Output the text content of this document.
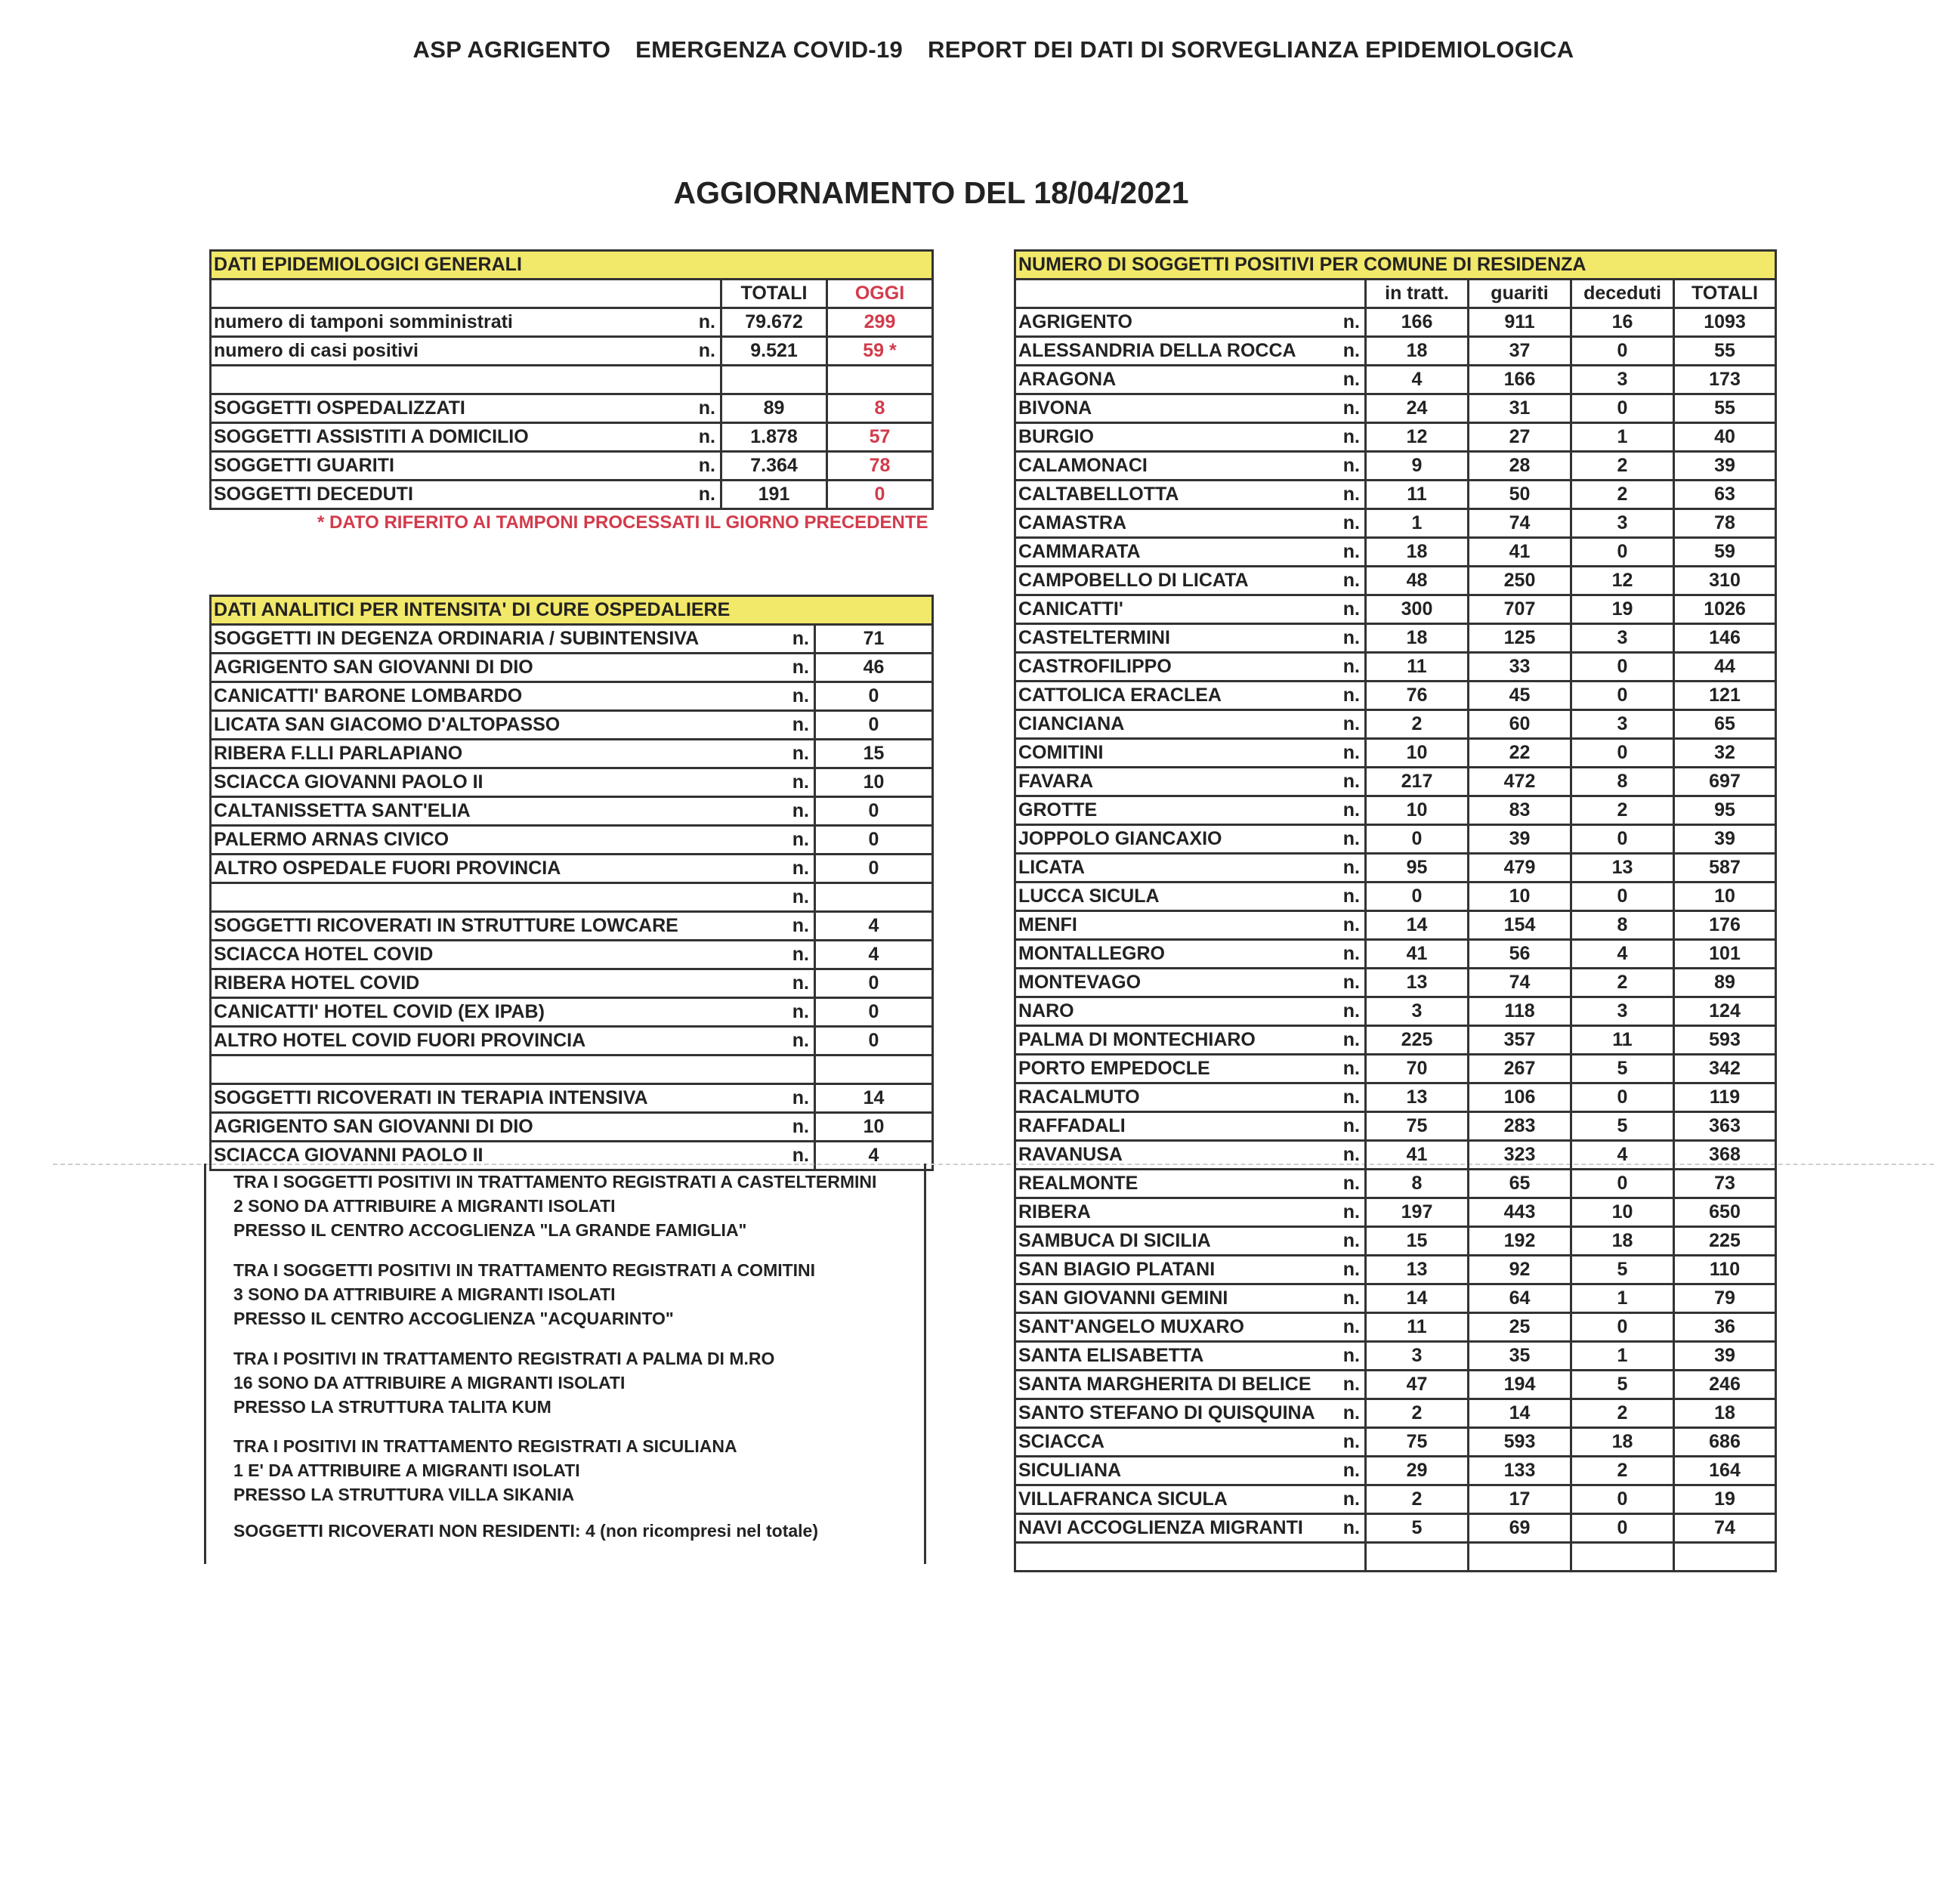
ASP AGRIGENTO EMERGENZA COVID-19 REPORT DEI DATI DI SORVEGLIANZA EPIDEMIOLOGICA
AGGIORNAMENTO DEL 18/04/2021
DATI EPIDEMIOLOGICI GENERALI			
		TOTALI	OGGI
numero di tamponi somministrati	n.	79.672	299
numero di casi positivi	n.	9.521	59 *

SOGGETTI OSPEDALIZZATI	n.	89	8
SOGGETTI ASSISTITI A DOMICILIO	n.	1.878	57
SOGGETTI GUARITI	n.	7.364	78
SOGGETTI DECEDUTI	n.	191	0
* DATO RIFERITO AI TAMPONI PROCESSATI IL GIORNO PRECEDENTE
DATI ANALITICI PER INTENSITA' DI CURE OSPEDALIERE		
SOGGETTI IN DEGENZA ORDINARIA / SUBINTENSIVA	n.	71
AGRIGENTO SAN GIOVANNI DI DIO	n.	46
CANICATTI' BARONE LOMBARDO	n.	0
LICATA SAN GIACOMO D'ALTOPASSO	n.	0
RIBERA F.LLI PARLAPIANO	n.	15
SCIACCA GIOVANNI PAOLO II	n.	10
CALTANISSETTA SANT'ELIA	n.	0
PALERMO ARNAS CIVICO	n.	0
ALTRO OSPEDALE FUORI PROVINCIA	n.	0
	n.	
SOGGETTI RICOVERATI IN STRUTTURE LOWCARE	n.	4
SCIACCA HOTEL COVID	n.	4
RIBERA HOTEL COVID	n.	0
CANICATTI' HOTEL COVID (EX IPAB)	n.	0
ALTRO HOTEL COVID FUORI PROVINCIA	n.	0

SOGGETTI RICOVERATI IN TERAPIA INTENSIVA	n.	14
AGRIGENTO SAN GIOVANNI DI DIO	n.	10
SCIACCA GIOVANNI PAOLO II	n.	4
TRA I SOGGETTI POSITIVI IN TRATTAMENTO REGISTRATI A CASTELTERMINI
2 SONO DA ATTRIBUIRE A MIGRANTI ISOLATI
PRESSO IL CENTRO ACCOGLIENZA "LA GRANDE FAMIGLIA"
TRA I SOGGETTI POSITIVI IN TRATTAMENTO REGISTRATI A COMITINI
3 SONO DA ATTRIBUIRE A MIGRANTI ISOLATI
PRESSO IL CENTRO ACCOGLIENZA "ACQUARINTO"
TRA I POSITIVI IN TRATTAMENTO REGISTRATI A PALMA DI M.RO
16 SONO DA ATTRIBUIRE A MIGRANTI ISOLATI
PRESSO LA STRUTTURA TALITA KUM
TRA I POSITIVI IN TRATTAMENTO REGISTRATI A SICULIANA
1 E' DA ATTRIBUIRE A MIGRANTI ISOLATI
PRESSO LA STRUTTURA VILLA SIKANIA
SOGGETTI RICOVERATI NON RESIDENTI: 4 (non ricompresi nel totale)
NUMERO DI SOGGETTI POSITIVI PER COMUNE DI RESIDENZA					
		in tratt.	guariti	deceduti	TOTALI
AGRIGENTO	n.	166	911	16	1093
ALESSANDRIA DELLA ROCCA	n.	18	37	0	55
ARAGONA	n.	4	166	3	173
BIVONA	n.	24	31	0	55
BURGIO	n.	12	27	1	40
CALAMONACI	n.	9	28	2	39
CALTABELLOTTA	n.	11	50	2	63
CAMASTRA	n.	1	74	3	78
CAMMARATA	n.	18	41	0	59
CAMPOBELLO DI LICATA	n.	48	250	12	310
CANICATTI'	n.	300	707	19	1026
CASTELTERMINI	n.	18	125	3	146
CASTROFILIPPO	n.	11	33	0	44
CATTOLICA ERACLEA	n.	76	45	0	121
CIANCIANA	n.	2	60	3	65
COMITINI	n.	10	22	0	32
FAVARA	n.	217	472	8	697
GROTTE	n.	10	83	2	95
JOPPOLO GIANCAXIO	n.	0	39	0	39
LICATA	n.	95	479	13	587
LUCCA SICULA	n.	0	10	0	10
MENFI	n.	14	154	8	176
MONTALLEGRO	n.	41	56	4	101
MONTEVAGO	n.	13	74	2	89
NARO	n.	3	118	3	124
PALMA DI MONTECHIARO	n.	225	357	11	593
PORTO EMPEDOCLE	n.	70	267	5	342
RACALMUTO	n.	13	106	0	119
RAFFADALI	n.	75	283	5	363
RAVANUSA	n.	41	323	4	368
REALMONTE	n.	8	65	0	73
RIBERA	n.	197	443	10	650
SAMBUCA DI SICILIA	n.	15	192	18	225
SAN BIAGIO PLATANI	n.	13	92	5	110
SAN GIOVANNI GEMINI	n.	14	64	1	79
SANT'ANGELO MUXARO	n.	11	25	0	36
SANTA ELISABETTA	n.	3	35	1	39
SANTA MARGHERITA DI BELICE	n.	47	194	5	246
SANTO STEFANO DI QUISQUINA	n.	2	14	2	18
SCIACCA	n.	75	593	18	686
SICULIANA	n.	29	133	2	164
VILLAFRANCA SICULA	n.	2	17	0	19
NAVI ACCOGLIENZA MIGRANTI	n.	5	69	0	74
